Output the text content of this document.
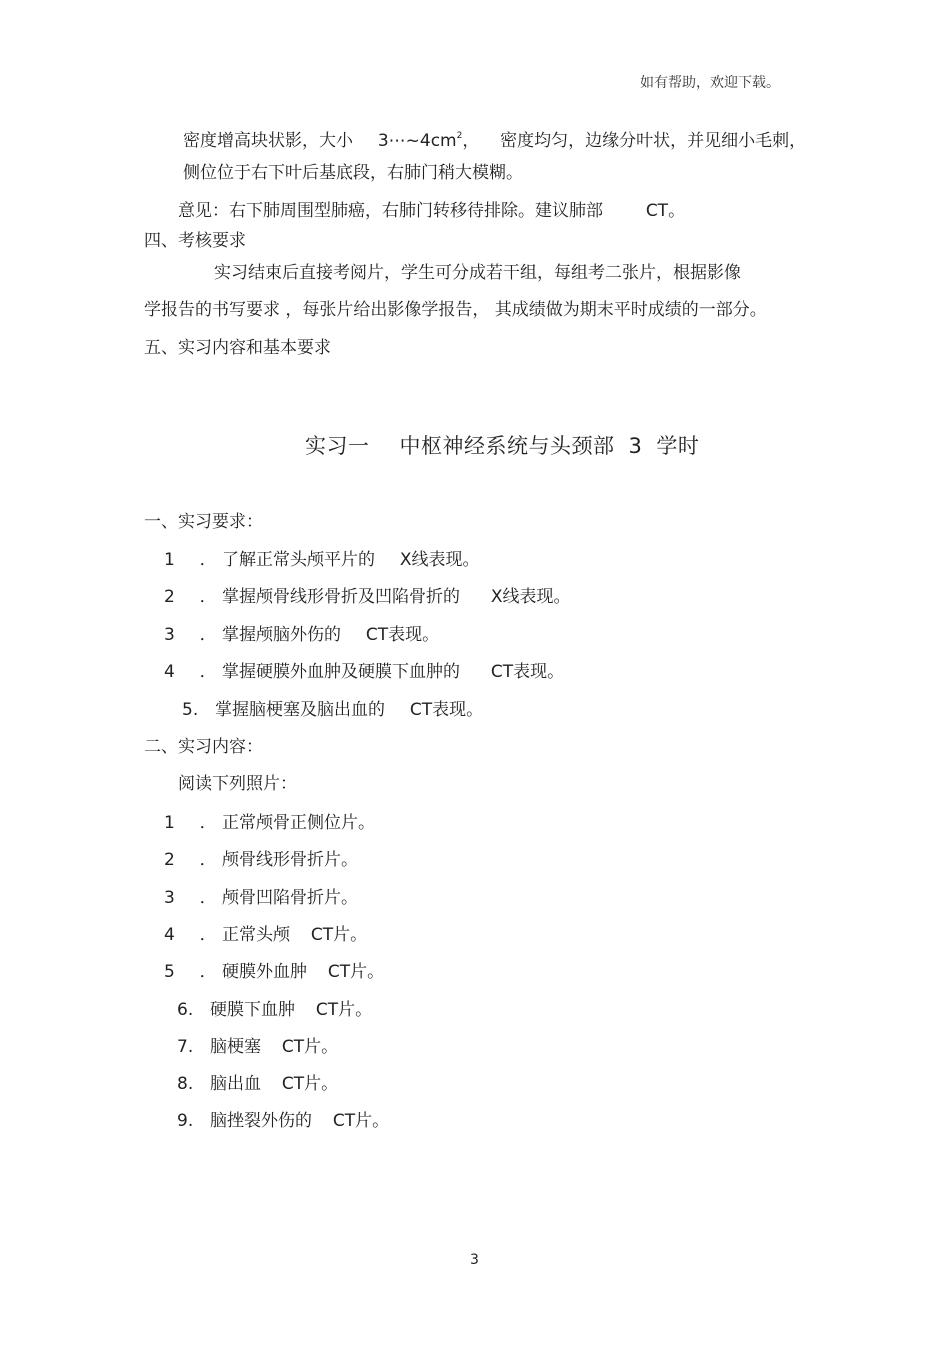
如有帮助，欢迎下载。
密度增高块状影，大小 $3\cdots\sim 4cm^2$， 密度均匀，边缘分叶状，并见细小毛刺，
侧位位于右下叶后基底段，右肺门稍大模糊。
意见：右下肺周围型肺癌，右肺门转移待排除。建议肺部	CT。
四、考核要求
实习结束后直接考阅片，学生可分成若干组，每组考二张片，根据影像
学报告的书写要求 ，每张片给出影像学报告， 其成绩做为期末平时成绩的一部分。
五、实习内容和基本要求
实习一 中枢神经系统与头颈部 3 学时
一、实习要求：
1 ． 了解正常头颅平片的 X线表现。
2 ． 掌握颅骨线形骨折及凹陷骨折的 X线表现。
3 ． 掌握颅脑外伤的 CT表现。
4 ． 掌握硬膜外血肿及硬膜下血肿的 CT表现。
5. 掌握脑梗塞及脑出血的 CT表现。
二、实习内容：
阅读下列照片：
1 ． 正常颅骨正侧位片。
2 ． 颅骨线形骨折片。
3 ． 颅骨凹陷骨折片。
4 ． 正常头颅 CT片。
5 ． 硬膜外血肿 CT片。
6. 硬膜下血肿 CT片。
7. 脑梗塞 CT片。
8. 脑出血 CT片。
9. 脑挫裂外伤的 CT片。
3
